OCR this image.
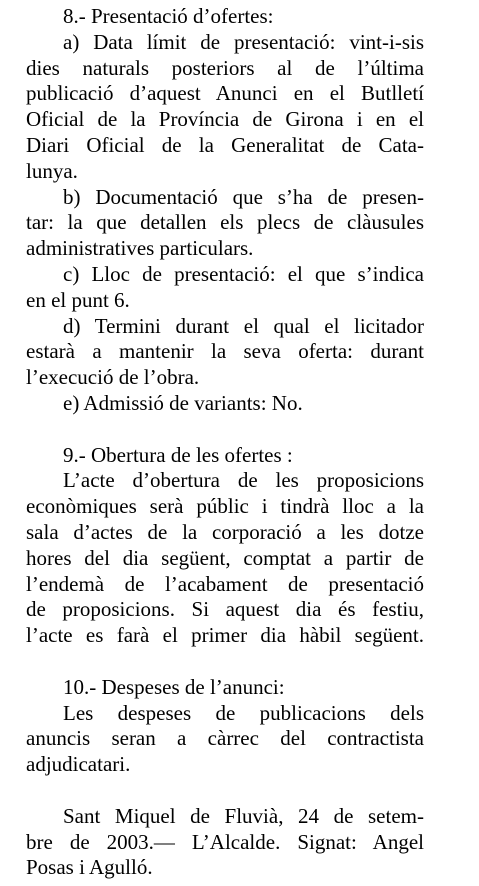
8.- Presentació d’ofertes:
a) Data límit de presentació: vint-i-sis
dies naturals posteriors al de l’última
publicació d’aquest Anunci en el Butlletí
Oficial de la Província de Girona i en el
Diari Oficial de la Generalitat de Cata-
lunya.
b) Documentació que s’ha de presen-
tar: la que detallen els plecs de clàusules
administratives particulars.
c) Lloc de presentació: el que s’indica
en el punt 6.
d) Termini durant el qual el licitador
estarà a mantenir la seva oferta: durant
l’execució de l’obra.
e) Admissió de variants: No.
9.- Obertura de les ofertes :
L’acte d’obertura de les proposicions
econòmiques serà públic i tindrà lloc a la
sala d’actes de la corporació a les dotze
hores del dia següent, comptat a partir de
l’endemà de l’acabament de presentació
de proposicions. Si aquest dia és festiu,
l’acte es farà el primer dia hàbil següent.
10.- Despeses de l’anunci:
Les despeses de publicacions dels
anuncis seran a càrrec del contractista
adjudicatari.
Sant Miquel de Fluvià, 24 de setem-
bre de 2003.— L’Alcalde. Signat: Angel
Posas i Agulló.
